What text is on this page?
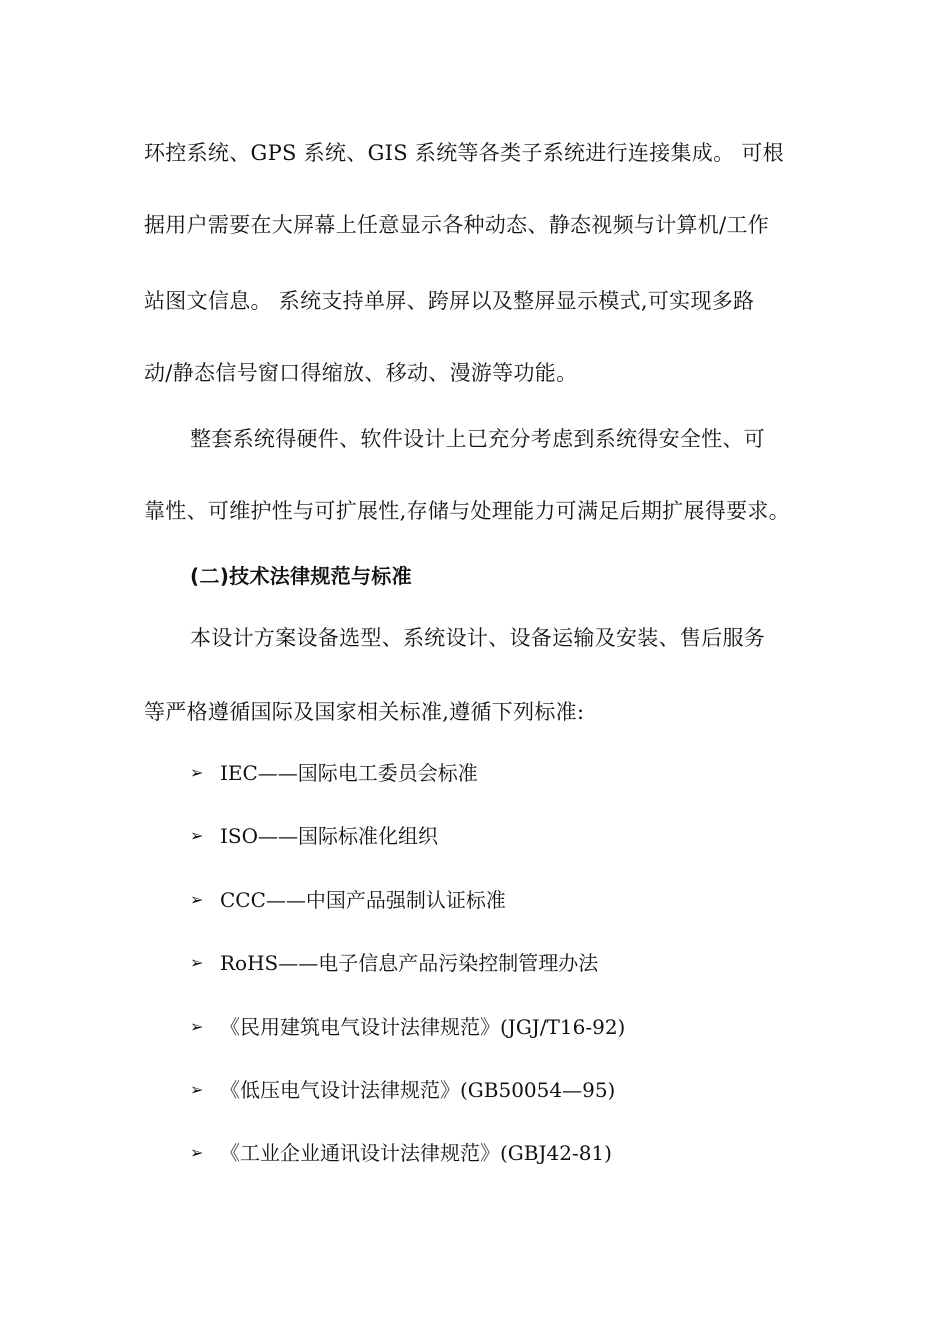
环控系统、GPS 系统、GIS 系统等各类子系统进行连接集成。 可根
据用户需要在大屏幕上任意显示各种动态、静态视频与计算机/工作
站图文信息。 系统支持单屏、跨屏以及整屏显示模式,可实现多路
动/静态信号窗口得缩放、移动、漫游等功能。
整套系统得硬件、软件设计上已充分考虑到系统得安全性、可
靠性、可维护性与可扩展性,存储与处理能力可满足后期扩展得要求。
(二)技术法律规范与标准
本设计方案设备选型、系统设计、设备运输及安装、售后服务
等严格遵循国际及国家相关标准,遵循下列标准:
➢ IEC——国际电工委员会标准
➢ ISO——国际标准化组织
➢ CCC——中国产品强制认证标准
➢ RoHS——电子信息产品污染控制管理办法
➢ 《民用建筑电气设计法律规范》(JGJ/T16-92)
➢ 《低压电气设计法律规范》(GB50054—95)
➢ 《工业企业通讯设计法律规范》(GBJ42-81)
